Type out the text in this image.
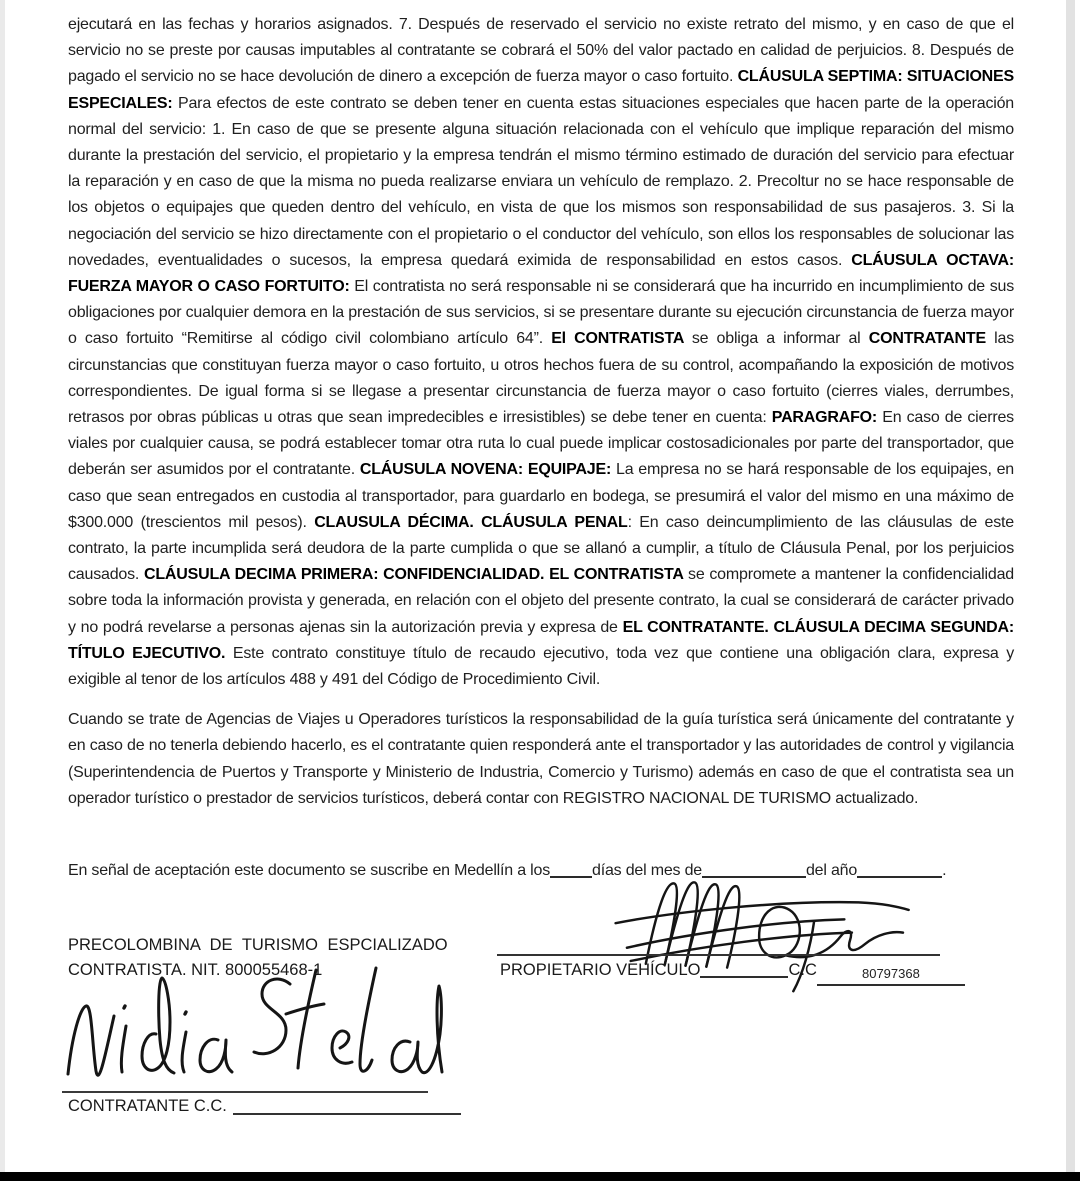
ejecutará en las fechas y horarios asignados. 7. Después de reservado el servicio no existe retrato del mismo, y en caso de que el servicio no se preste por causas imputables al contratante se cobrará el 50% del valor pactado en calidad de perjuicios. 8. Después de pagado el servicio no se hace devolución de dinero a excepción de fuerza mayor o caso fortuito. CLÁUSULA SEPTIMA: SITUACIONES ESPECIALES: Para efectos de este contrato se deben tener en cuenta estas situaciones especiales que hacen parte de la operación normal del servicio: 1. En caso de que se presente alguna situación relacionada con el vehículo que implique reparación del mismo durante la prestación del servicio, el propietario y la empresa tendrán el mismo término estimado de duración del servicio para efectuar la reparación y en caso de que la misma no pueda realizarse enviara un vehículo de remplazo. 2. Precoltur no se hace responsable de los objetos o equipajes que queden dentro del vehículo, en vista de que los mismos son responsabilidad de sus pasajeros. 3. Si la negociación del servicio se hizo directamente con el propietario o el conductor del vehículo, son ellos los responsables de solucionar las novedades, eventualidades o sucesos, la empresa quedará eximida de responsabilidad en estos casos. CLÁUSULA OCTAVA: FUERZA MAYOR O CASO FORTUITO: El contratista no será responsable ni se considerará que ha incurrido en incumplimiento de sus obligaciones por cualquier demora en la prestación de sus servicios, si se presentare durante su ejecución circunstancia de fuerza mayor o caso fortuito “Remitirse al código civil colombiano artículo 64”. El CONTRATISTA se obliga a informar al CONTRATANTE las circunstancias que constituyan fuerza mayor o caso fortuito, u otros hechos fuera de su control, acompañando la exposición de motivos correspondientes. De igual forma si se llegase a presentar circunstancia de fuerza mayor o caso fortuito (cierres viales, derrumbes, retrasos por obras públicas u otras que sean impredecibles e irresistibles) se debe tener en cuenta: PARAGRAFO: En caso de cierres viales por cualquier causa, se podrá establecer tomar otra ruta lo cual puede implicar costosadicionales por parte del transportador, que deberán ser asumidos por el contratante. CLÁUSULA NOVENA: EQUIPAJE: La empresa no se hará responsable de los equipajes, en caso que sean entregados en custodia al transportador, para guardarlo en bodega, se presumirá el valor del mismo en una máximo de $300.000 (trescientos mil pesos). CLAUSULA DÉCIMA. CLÁUSULA PENAL: En caso deincumplimiento de las cláusulas de este contrato, la parte incumplida será deudora de la parte cumplida o que se allanó a cumplir, a título de Cláusula Penal, por los perjuicios causados. CLÁUSULA DECIMA PRIMERA: CONFIDENCIALIDAD. EL CONTRATISTA se compromete a mantener la confidencialidad sobre toda la información provista y generada, en relación con el objeto del presente contrato, la cual se considerará de carácter privado y no podrá revelarse a personas ajenas sin la autorización previa y expresa de EL CONTRATANTE. CLÁUSULA DECIMA SEGUNDA: TÍTULO EJECUTIVO. Este contrato constituye título de recaudo ejecutivo, toda vez que contiene una obligación clara, expresa y exigible al tenor de los artículos 488 y 491 del Código de Procedimiento Civil.

Cuando se trate de Agencias de Viajes u Operadores turísticos la responsabilidad de la guía turística será únicamente del contratante y en caso de no tenerla debiendo hacerlo, es el contratante quien responderá ante el transportador y las autoridades de control y vigilancia (Superintendencia de Puertos y Transporte y Ministerio de Industria, Comercio y Turismo) además en caso de que el contratista sea un operador turístico o prestador de servicios turísticos, deberá contar con REGISTRO NACIONAL DE TURISMO actualizado.

En señal de aceptación este documento se suscribe en Medellín a los	días del mes de	del año	.

PROPIETARIO VEHÍCULO	C.C	80797368
PRECOLOMBINA DE TURISMO ESPCIALIZADO
CONTRATISTA. NIT. 800055468-1
CONTRATANTE C.C.
